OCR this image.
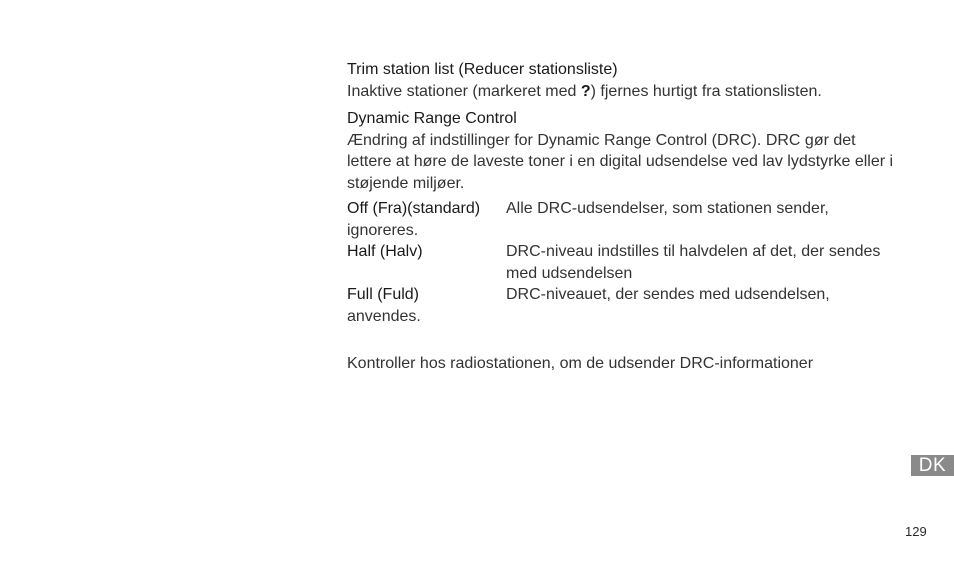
Trim station list (Reducer stationsliste)

Inaktive stationer (markeret med ?) fjernes hurtigt fra stationslisten.

Dynamic Range Control

Ændring af indstillinger for Dynamic Range Control (DRC). DRC gør det lettere at høre de laveste toner i en digital udsendelse ved lav lydstyrke eller i støjende miljøer.

Off (Fra)(standard)	Alle DRC-udsendelser, som stationen sender,
ignoreres.
Half (Halv)	DRC-niveau indstilles til halvdelen af det, der sendes med udsendelsen
Full (Fuld)	DRC-niveauet, der sendes med udsendelsen,
anvendes.

Kontroller hos radiostationen, om de udsender DRC-informationer

DK
129
